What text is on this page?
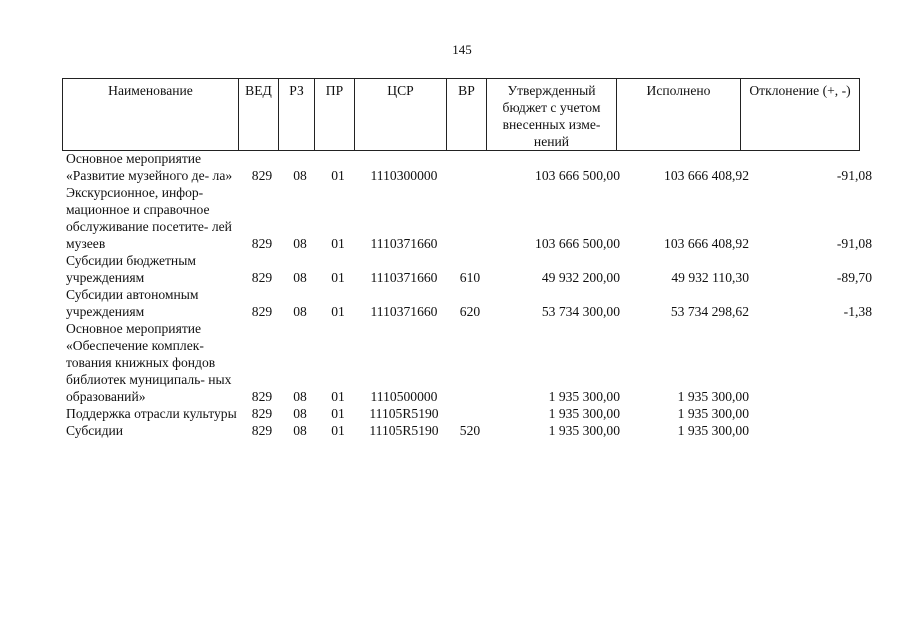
145
Наименование	ВЕД	РЗ	ПР	ЦСР	ВР	Утвержденный бюджет с учетом внесенных изме- нений	Исполнено	Отклонение (+, -)
Основное мероприятие «Развитие музейного де- ла»	829	08	01	1110300000		103 666 500,00	103 666 408,92	-91,08
Экскурсионное, инфор- мационное и справочное обслуживание посетите- лей музеев	829	08	01	1110371660		103 666 500,00	103 666 408,92	-91,08
Субсидии бюджетным учреждениям	829	08	01	1110371660	610	49 932 200,00	49 932 110,30	-89,70
Субсидии автономным учреждениям	829	08	01	1110371660	620	53 734 300,00	53 734 298,62	-1,38
Основное мероприятие «Обеспечение комплек- тования книжных фондов библиотек муниципаль- ных образований»	829	08	01	1110500000		1 935 300,00	1 935 300,00	
Поддержка отрасли культуры	829	08	01	11105R5190		1 935 300,00	1 935 300,00	
Субсидии	829	08	01	11105R5190	520	1 935 300,00	1 935 300,00	
